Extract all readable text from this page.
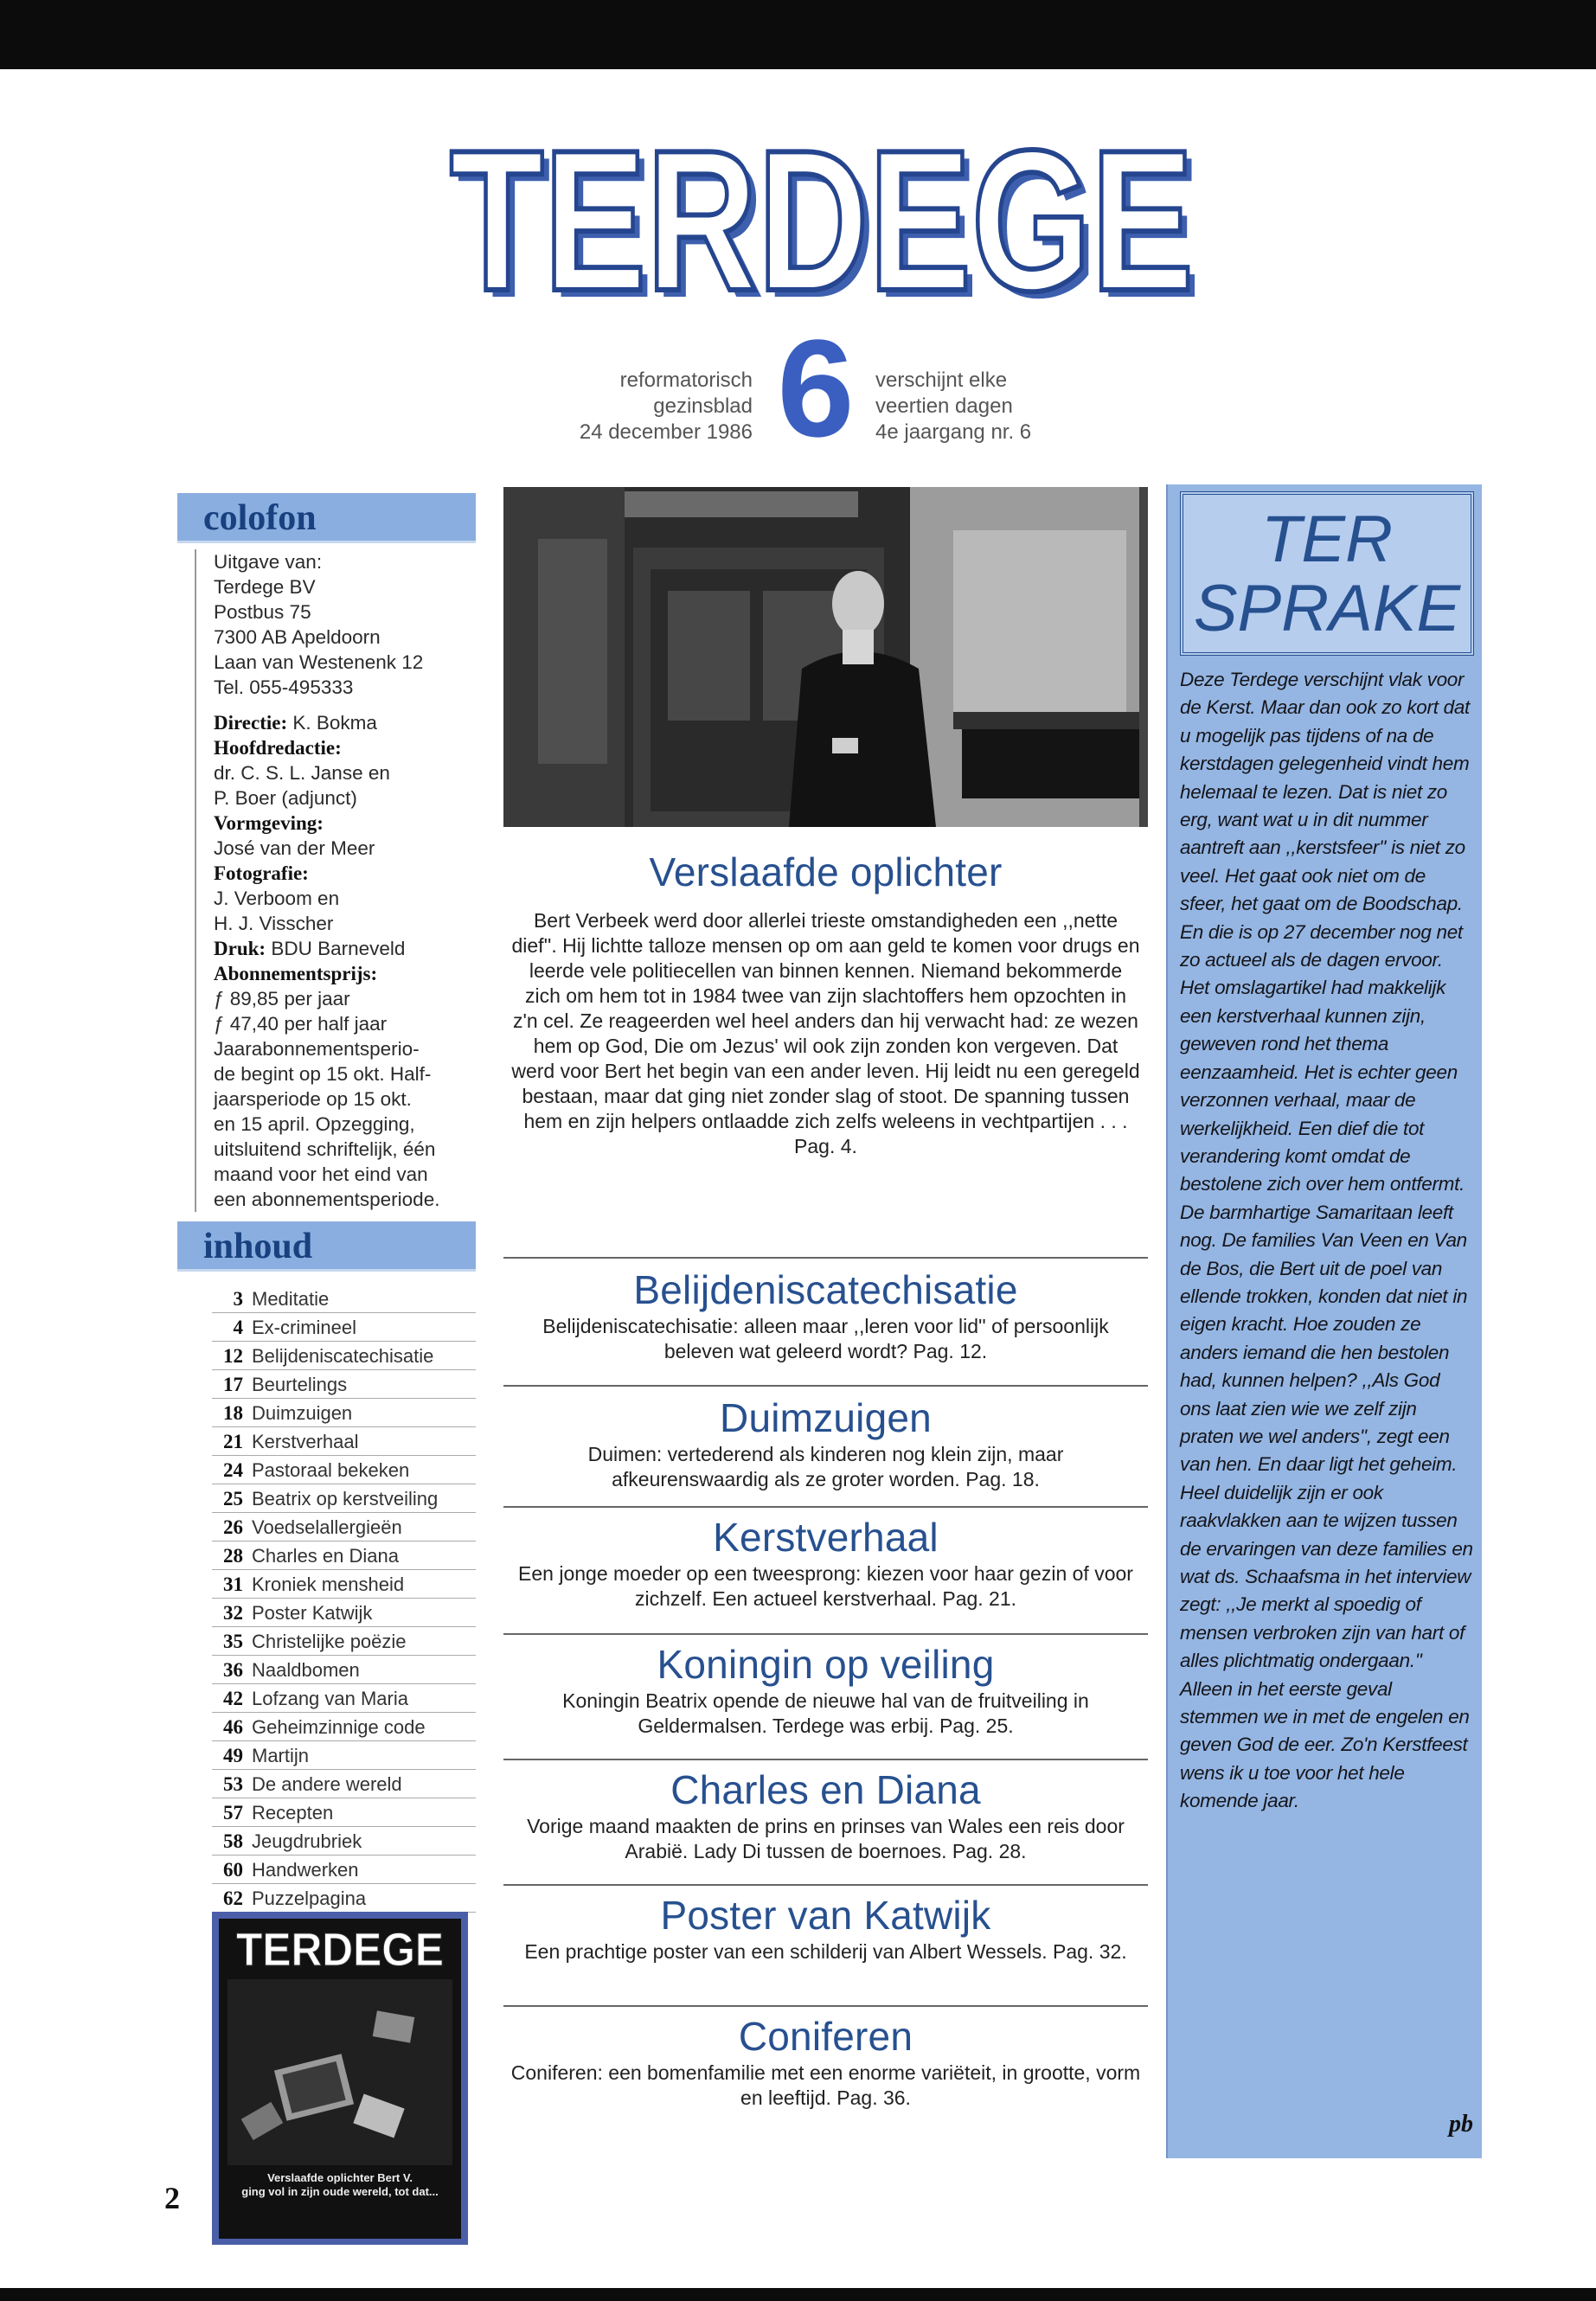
TERDEGE
TERDEGE
reformatorisch
gezinsblad
24 december 1986 6 verschijnt elke
veertien dagen
4e jaargang nr. 6
colofon
Uitgave van:
Terdege BV
Postbus 75
7300 AB Apeldoorn
Laan van Westenenk 12
Tel. 055-495333
Directie: K. Bokma
Hoofdredactie:
dr. C. S. L. Janse en
P. Boer (adjunct)
Vormgeving:
José van der Meer
Fotografie:
J. Verboom en
H. J. Visscher
Druk: BDU Barneveld
Abonnementsprijs:
ƒ 89,85 per jaar
ƒ 47,40 per half jaar
Jaarabonnementsperio-
de begint op 15 okt. Half-
jaarsperiode op 15 okt.
en 15 april. Opzegging,
uitsluitend schriftelijk, één
maand voor het eind van
een abonnementsperiode.
inhoud
3 Meditatie
4 Ex-crimineel
12 Belijdeniscatechisatie
17 Beurtelings
18 Duimzuigen
21 Kerstverhaal
24 Pastoraal bekeken
25 Beatrix op kerstveiling
26 Voedselallergieën
28 Charles en Diana
31 Kroniek mensheid
32 Poster Katwijk
35 Christelijke poëzie
36 Naaldbomen
42 Lofzang van Maria
46 Geheimzinnige code
49 Martijn
53 De andere wereld
57 Recepten
58 Jeugdrubriek
60 Handwerken
62 Puzzelpagina
TERDEGE
Verslaafde oplichter Bert V.
ging vol in zijn oude wereld, tot dat...
2
Verslaafde oplichter

Bert Verbeek werd door allerlei trieste omstandigheden een ,,nette dief''. Hij lichtte talloze mensen op om aan geld te komen voor drugs en leerde vele politiecellen van binnen kennen. Niemand bekommerde zich om hem tot in 1984 twee van zijn slachtoffers hem opzochten in z'n cel. Ze reageerden wel heel anders dan hij verwacht had: ze wezen hem op God, Die om Jezus' wil ook zijn zonden kon vergeven. Dat werd voor Bert het begin van een ander leven. Hij leidt nu een geregeld bestaan, maar dat ging niet zonder slag of stoot. De spanning tussen hem en zijn helpers ontlaadde zich zelfs weleens in vechtpartijen . . . Pag. 4.

Belijdeniscatechisatie

Belijdeniscatechisatie: alleen maar ,,leren voor lid'' of persoonlijk beleven wat geleerd wordt? Pag. 12.

Duimzuigen

Duimen: vertederend als kinderen nog klein zijn, maar afkeurenswaardig als ze groter worden. Pag. 18.

Kerstverhaal

Een jonge moeder op een tweesprong: kiezen voor haar gezin of voor zichzelf. Een actueel kerstverhaal. Pag. 21.

Koningin op veiling

Koningin Beatrix opende de nieuwe hal van de fruitveiling in Geldermalsen. Terdege was erbij. Pag. 25.

Charles en Diana

Vorige maand maakten de prins en prinses van Wales een reis door Arabië. Lady Di tussen de boernoes. Pag. 28.

Poster van Katwijk

Een prachtige poster van een schilderij van Albert Wessels. Pag. 32.

Coniferen

Coniferen: een bomenfamilie met een enorme variëteit, in grootte, vorm en leeftijd. Pag. 36.

TER
SPRAKE
Deze Terdege verschijnt vlak voor de Kerst. Maar dan ook zo kort dat u mogelijk pas tijdens of na de kerstdagen gelegenheid vindt hem helemaal te lezen. Dat is niet zo erg, want wat u in dit nummer aantreft aan ,,kerstsfeer'' is niet zo veel. Het gaat ook niet om de sfeer, het gaat om de Boodschap. En die is op 27 december nog net zo actueel als de dagen ervoor. Het omslagartikel had makkelijk een kerstverhaal kunnen zijn, geweven rond het thema eenzaamheid. Het is echter geen verzonnen verhaal, maar de werkelijkheid. Een dief die tot verandering komt omdat de bestolene zich over hem ontfermt. De barmhartige Samaritaan leeft nog. De families Van Veen en Van de Bos, die Bert uit de poel van ellende trokken, konden dat niet in eigen kracht. Hoe zouden ze anders iemand die hen bestolen had, kunnen helpen? ,,Als God ons laat zien wie we zelf zijn praten we wel anders'', zegt een van hen. En daar ligt het geheim. Heel duidelijk zijn er ook raakvlakken aan te wijzen tussen de ervaringen van deze families en wat ds. Schaafsma in het interview zegt: ,,Je merkt al spoedig of mensen verbroken zijn van hart of alles plichtmatig ondergaan.'' Alleen in het eerste geval stemmen we in met de engelen en geven God de eer. Zo'n Kerstfeest wens ik u toe voor het hele komende jaar.
pb
